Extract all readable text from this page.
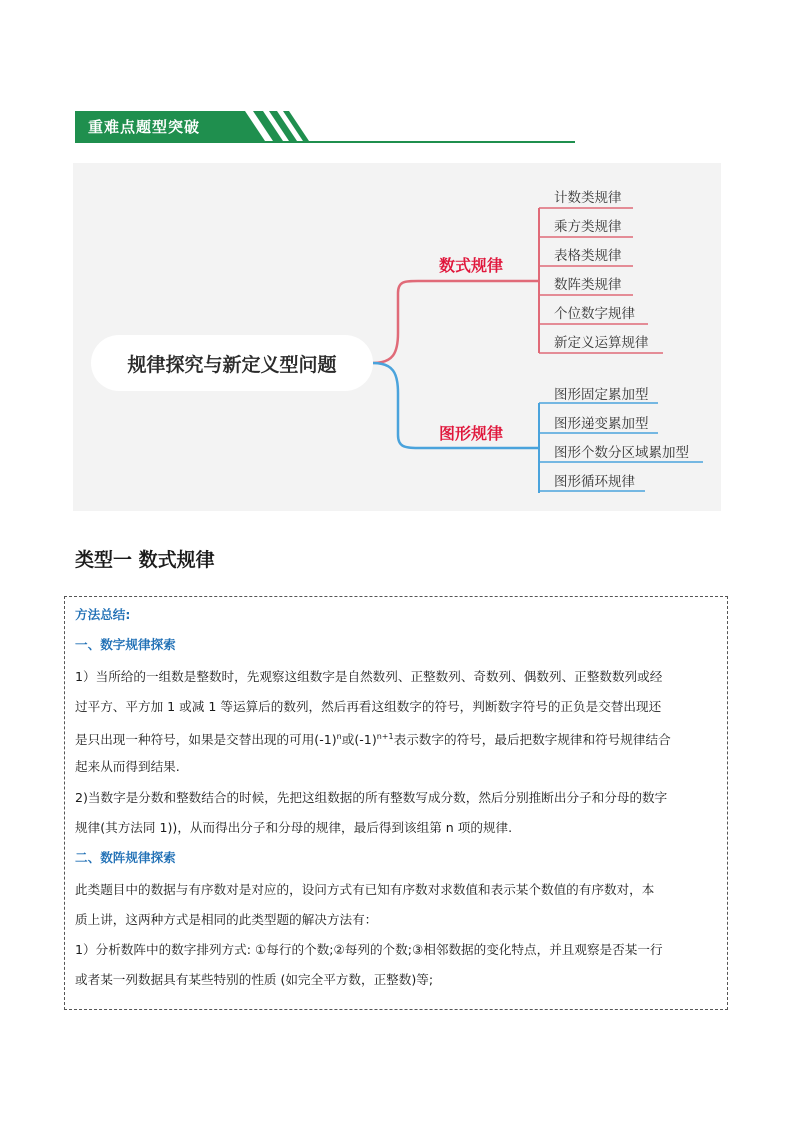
重难点题型突破
规律探究与新定义型问题
数式规律
图形规律
计数类规律
乘方类规律
表格类规律
数阵类规律
个位数字规律
新定义运算规律
图形固定累加型
图形递变累加型
图形个数分区域累加型
图形循环规律
类型一 数式规律
方法总结:
一、数字规律探索
1）当所给的一组数是整数时，先观察这组数字是自然数列、正整数列、奇数列、偶数列、正整数数列或经
过平方、平方加 1 或减 1 等运算后的数列，然后再看这组数字的符号，判断数字符号的正负是交替出现还
是只出现一种符号，如果是交替出现的可用$(-1)^n$或$(-1)^{n+1}$表示数字的符号，最后把数字规律和符号规律结合
起来从而得到结果.
2)当数字是分数和整数结合的时候，先把这组数据的所有整数写成分数，然后分别推断出分子和分母的数字
规律(其方法同 1))，从而得出分子和分母的规律，最后得到该组第 n 项的规律.
二、数阵规律探索
此类题目中的数据与有序数对是对应的，设问方式有已知有序数对求数值和表示某个数值的有序数对，本
质上讲，这两种方式是相同的此类型题的解决方法有：
1）分析数阵中的数字排列方式: ①每行的个数;②每列的个数;③相邻数据的变化特点，并且观察是否某一行
或者某一列数据具有某些特别的性质 (如完全平方数，正整数)等;
